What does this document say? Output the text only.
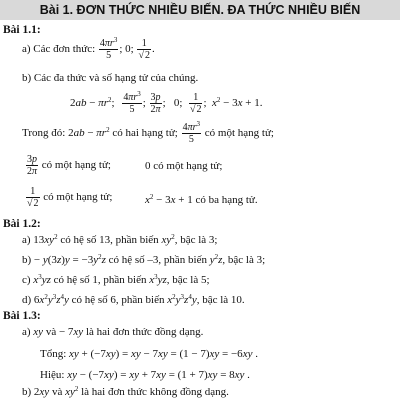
Bài 1. ĐƠN THỨC NHIỀU BIẾN. ĐA THỨC NHIỀU BIẾN
Bài 1.1:
a) Các đơn thức: $\frac{4\pi r^3}{5}$ ; 0; 1
√ 2 .
b) Các đa thức và số hạng tử của chúng.
$2ab - \pi r^2$; $\frac{4\pi r^3}{5}$ ; $\frac{3p}{2\pi}$ ;   0; 1
√ 2 ;  $x^2 - 3x + 1$.
Trong đó: $2ab - \pi r^2$ có hai hạng tử; $\frac{4\pi r^3}{5}$ có một hạng tử;
$\frac{3p}{2\pi}$ có một hạng tử;	0 có một hạng tử;
1
√ 2 có một hạng tử;	$x^2 - 3x + 1$ có ba hạng tử.
Bài 1.2:
a) $13xy^2$ có hệ số 13, phần biến $xy^2$, bậc là 3;
$b) - y(3z)y = -3y^2z$ có hệ số –3, phần biến $y^2z$, bậc là 3;
c) $x^3yz$ có hệ số 1, phần biến $x^3yz$, bậc là 5;
d) $6x^2y^3z^4y$ có hệ số 6, phần biến $x^2y^3z^4y$, bậc là 10.
Bài 1.3:
a) xy và − 7xy là hai đơn thức đồng dạng.
Tổng: xy + (−7xy) = xy − 7xy = (1 − 7)xy = −6xy .
Hiệu: xy − (−7xy) = xy + 7xy = (1 + 7)xy = 8xy .
b) 2xy và $xy^2$ là hai đơn thức không đồng dạng.
